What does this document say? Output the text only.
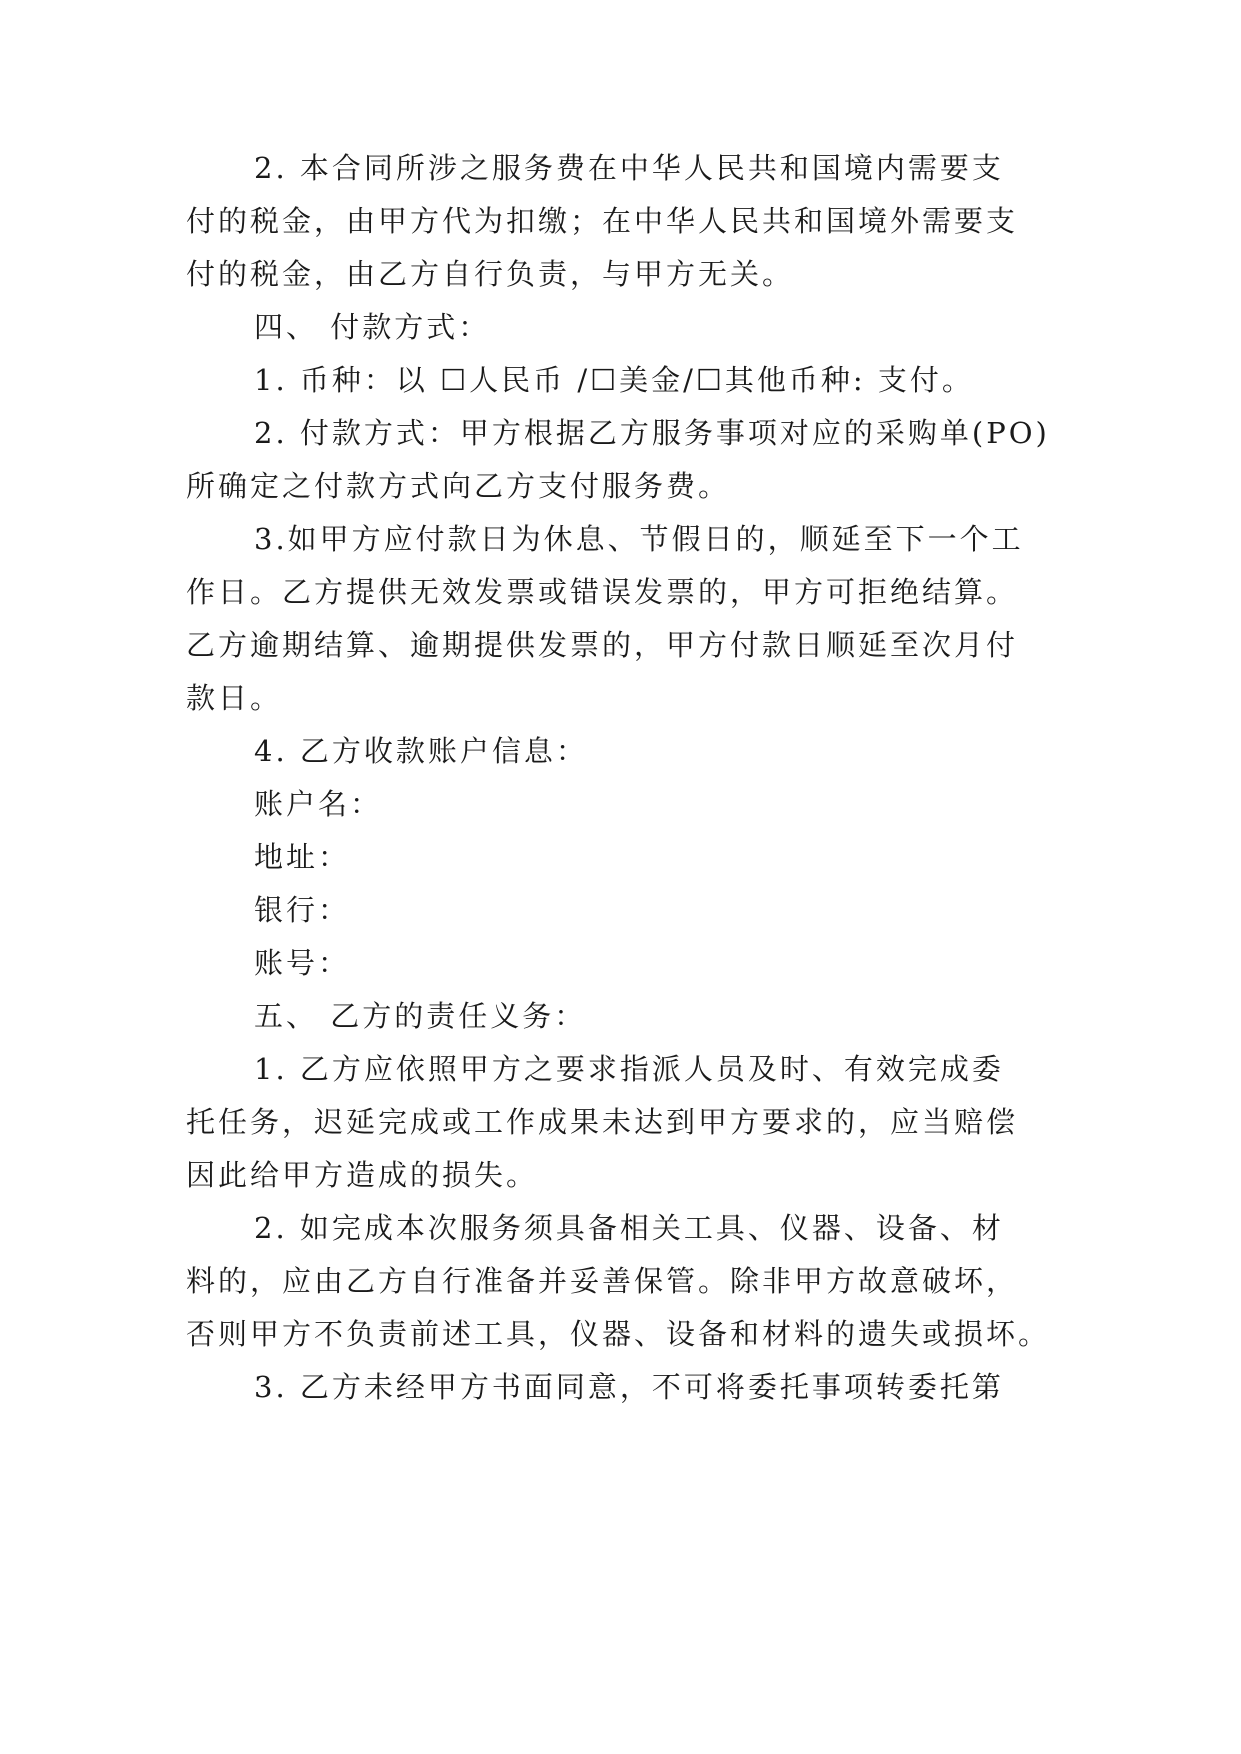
2. 本合同所涉之服务费在中华人民共和国境内需要支
付的税金，由甲方代为扣缴；在中华人民共和国境外需要支
付的税金，由乙方自行负责，与甲方无关。
四、 付款方式：
1. 币种：以 ☐人民币 /☐美金/☐其他币种: 支付。
2. 付款方式：甲方根据乙方服务事项对应的采购单(PO)
所确定之付款方式向乙方支付服务费。
3.如甲方应付款日为休息、节假日的，顺延至下一个工
作日。乙方提供无效发票或错误发票的，甲方可拒绝结算。
乙方逾期结算、逾期提供发票的，甲方付款日顺延至次月付
款日。
4. 乙方收款账户信息：
账户名：
地址：
银行：
账号：
五、 乙方的责任义务：
1. 乙方应依照甲方之要求指派人员及时、有效完成委
托任务，迟延完成或工作成果未达到甲方要求的，应当赔偿
因此给甲方造成的损失。
2. 如完成本次服务须具备相关工具、仪器、设备、材
料的，应由乙方自行准备并妥善保管。除非甲方故意破坏，
否则甲方不负责前述工具，仪器、设备和材料的遗失或损坏。
3. 乙方未经甲方书面同意，不可将委托事项转委托第
